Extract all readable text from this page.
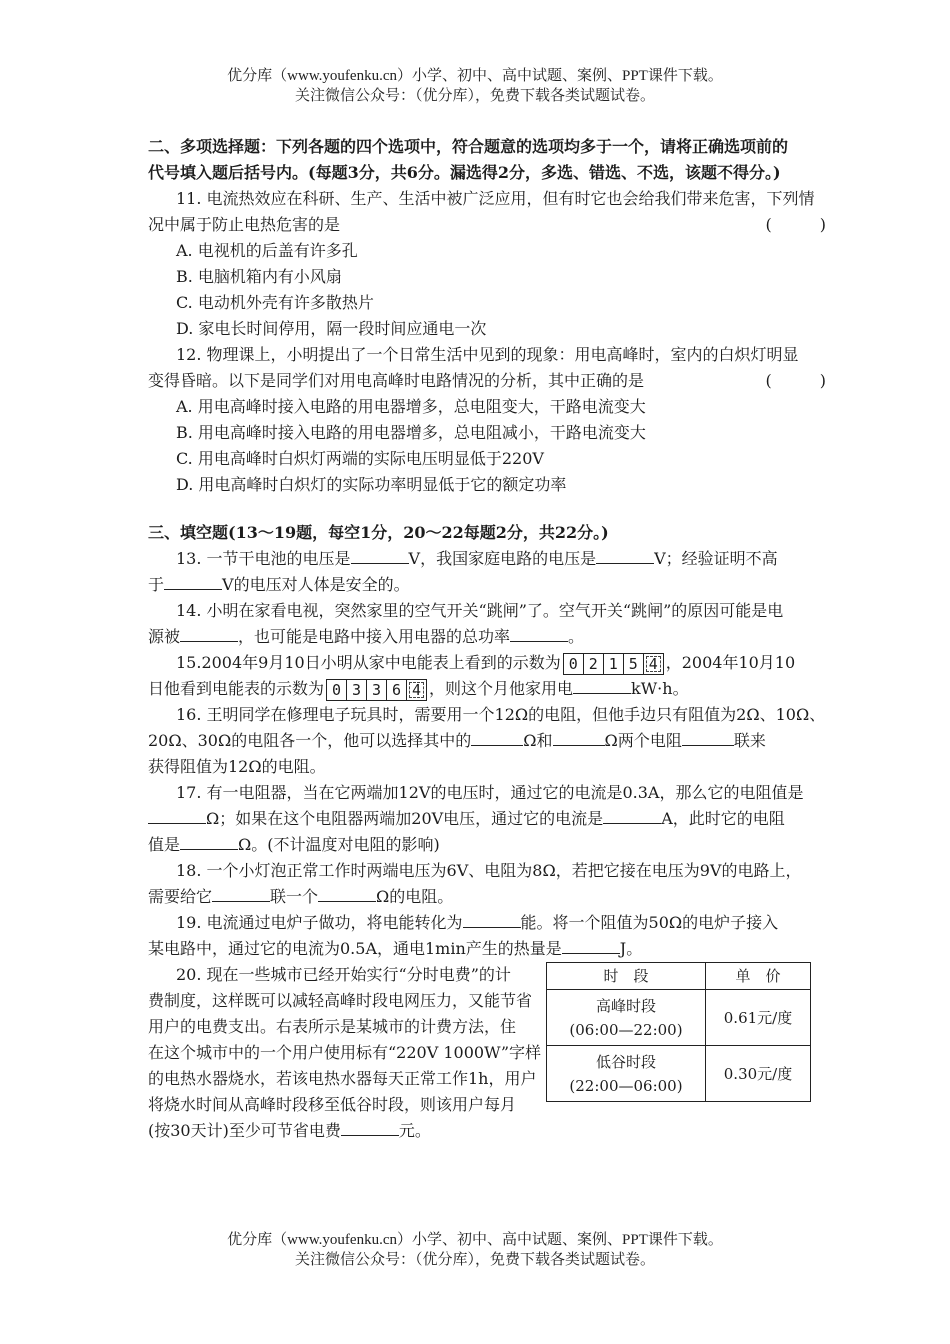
优分库（www.youfenku.cn）小学、初中、高中试题、案例、PPT课件下载。
关注微信公众号：（优分库），免费下载各类试题试卷。
二、多项选择题：下列各题的四个选项中，符合题意的选项均多于一个，请将正确选项前的
代号填入题后括号内。(每题3分，共6分。漏选得2分，多选、错选、不选，该题不得分。)
11. 电流热效应在科研、生产、生活中被广泛应用，但有时它也会给我们带来危害，下列情
况中属于防止电热危害的是	(　　　)
A. 电视机的后盖有许多孔
B. 电脑机箱内有小风扇
C. 电动机外壳有许多散热片
D. 家电长时间停用，隔一段时间应通电一次
12. 物理课上，小明提出了一个日常生活中见到的现象：用电高峰时，室内的白炽灯明显
变得昏暗。以下是同学们对用电高峰时电路情况的分析，其中正确的是	(　　　)
A. 用电高峰时接入电路的用电器增多，总电阻变大，干路电流变大
B. 用电高峰时接入电路的用电器增多，总电阻减小，干路电流变大
C. 用电高峰时白炽灯两端的实际电压明显低于220V
D. 用电高峰时白炽灯的实际功率明显低于它的额定功率
三、填空题(13～19题，每空1分，20～22每题2分，共22分。)
13. 一节干电池的电压是	V，我国家庭电路的电压是	V；经验证明不高
于	V的电压对人体是安全的。
14. 小明在家看电视，突然家里的空气开关“跳闸”了。空气开关“跳闸”的原因可能是电
源被	，也可能是电路中接入用电器的总功率	。
15.2004年9月10日小明从家中电能表上看到的示数为 0 2 1 5 4 ，2004年10月10
日他看到电能表的示数为 0 3 3 6 4 ，则这个月他家用电	kW·h。
16. 王明同学在修理电子玩具时，需要用一个12Ω的电阻，但他手边只有阻值为2Ω、10Ω、
20Ω、30Ω的电阻各一个，他可以选择其中的	Ω和	Ω两个电阻	联来
获得阻值为12Ω的电阻。
17. 有一电阻器，当在它两端加12V的电压时，通过它的电流是0.3A，那么它的电阻值是
Ω；如果在这个电阻器两端加20V电压，通过它的电流是	A，此时它的电阻
值是	Ω。(不计温度对电阻的影响)
18. 一个小灯泡正常工作时两端电压为6V、电阻为8Ω，若把它接在电压为9V的电路上，
需要给它	联一个	Ω的电阻。
19. 电流通过电炉子做功，将电能转化为	能。将一个阻值为50Ω的电炉子接入
某电路中，通过它的电流为0.5A，通电1min产生的热量是	J。
20. 现在一些城市已经开始实行“分时电费”的计
费制度，这样既可以减轻高峰时段电网压力，又能节省
用户的电费支出。右表所示是某城市的计费方法，住
在这个城市中的一个用户使用标有“220V 1000W”字样
的电热水器烧水，若该电热水器每天正常工作1h，用户
将烧水时间从高峰时段移至低谷时段，则该用户每月
(按30天计)至少可节省电费	元。
时　段	单　价

高峰时段
(06:00—22:00)	0.61元/度

低谷时段
(22:00—06:00)	0.30元/度
优分库（www.youfenku.cn）小学、初中、高中试题、案例、PPT课件下载。
关注微信公众号：（优分库），免费下载各类试题试卷。
